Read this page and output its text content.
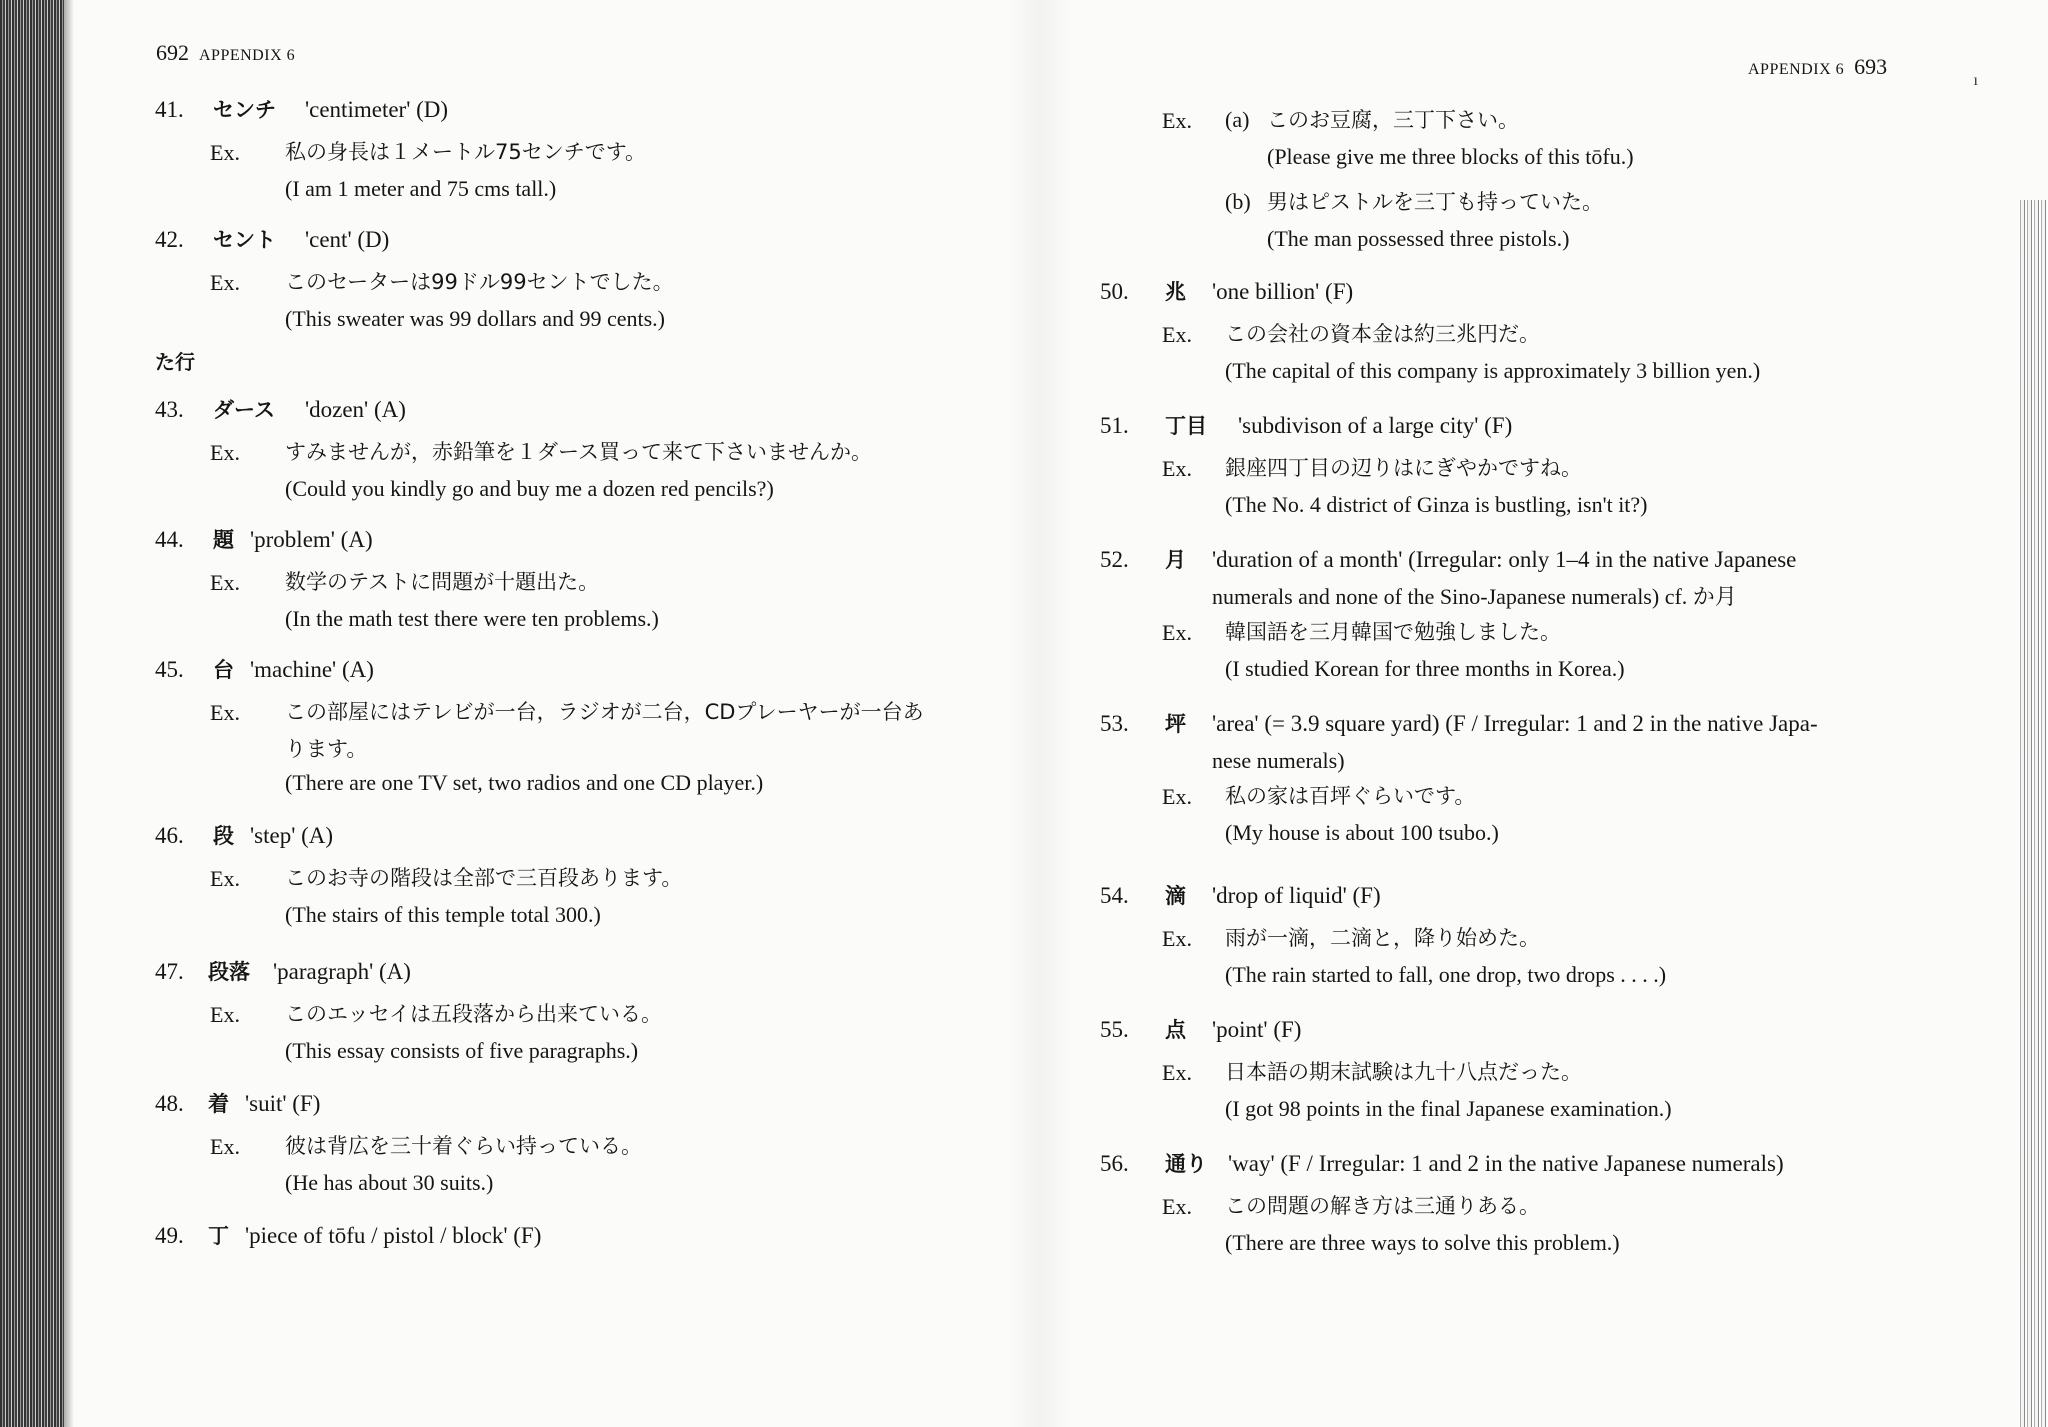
ı
692 APPENDIX 6
APPENDIX 6 693
41. センチ 'centimeter' (D)
Ex.	私の身長は１メートル75センチです。
(I am 1 meter and 75 cms tall.)
42. セント 'cent' (D)
Ex.	このセーターは99ドル99セントでした。
(This sweater was 99 dollars and 99 cents.)
た行
43. ダース 'dozen' (A)
Ex.	すみませんが，赤鉛筆を１ダース買って来て下さいませんか。
(Could you kindly go and buy me a dozen red pencils?)
44. 題 'problem' (A)
Ex.	数学のテストに問題が十題出た。
(In the math test there were ten problems.)
45. 台 'machine' (A)
Ex.	この部屋にはテレビが一台，ラジオが二台，CDプレーヤーが一台あ
ります。
(There are one TV set, two radios and one CD player.)
46. 段 'step' (A)
Ex.	このお寺の階段は全部で三百段あります。
(The stairs of this temple total 300.)
47. 段落 'paragraph' (A)
Ex.	このエッセイは五段落から出来ている。
(This essay consists of five paragraphs.)
48. 着 'suit' (F)
Ex.	彼は背広を三十着ぐらい持っている。
(He has about 30 suits.)
49. 丁 'piece of tōfu / pistol / block' (F)
Ex.	(a) このお豆腐，三丁下さい。
(Please give me three blocks of this tōfu.)
(b) 男はピストルを三丁も持っていた。
(The man possessed three pistols.)
50. 兆 'one billion' (F)
Ex.	この会社の資本金は約三兆円だ。
(The capital of this company is approximately 3 billion yen.)
51. 丁目 'subdivison of a large city' (F)
Ex.	銀座四丁目の辺りはにぎやかですね。
(The No. 4 district of Ginza is bustling, isn't it?)
52. 月 'duration of a month' (Irregular: only 1–4 in the native Japanese
numerals and none of the Sino-Japanese numerals) cf. か月
Ex.	韓国語を三月韓国で勉強しました。
(I studied Korean for three months in Korea.)
53. 坪 'area' (= 3.9 square yard) (F / Irregular: 1 and 2 in the native Japa-
nese numerals)
Ex.	私の家は百坪ぐらいです。
(My house is about 100 tsubo.)
54. 滴 'drop of liquid' (F)
Ex.	雨が一滴，二滴と，降り始めた。
(The rain started to fall, one drop, two drops . . . .)
55. 点 'point' (F)
Ex.	日本語の期末試験は九十八点だった。
(I got 98 points in the final Japanese examination.)
56. 通り 'way' (F / Irregular: 1 and 2 in the native Japanese numerals)
Ex.	この問題の解き方は三通りある。
(There are three ways to solve this problem.)
